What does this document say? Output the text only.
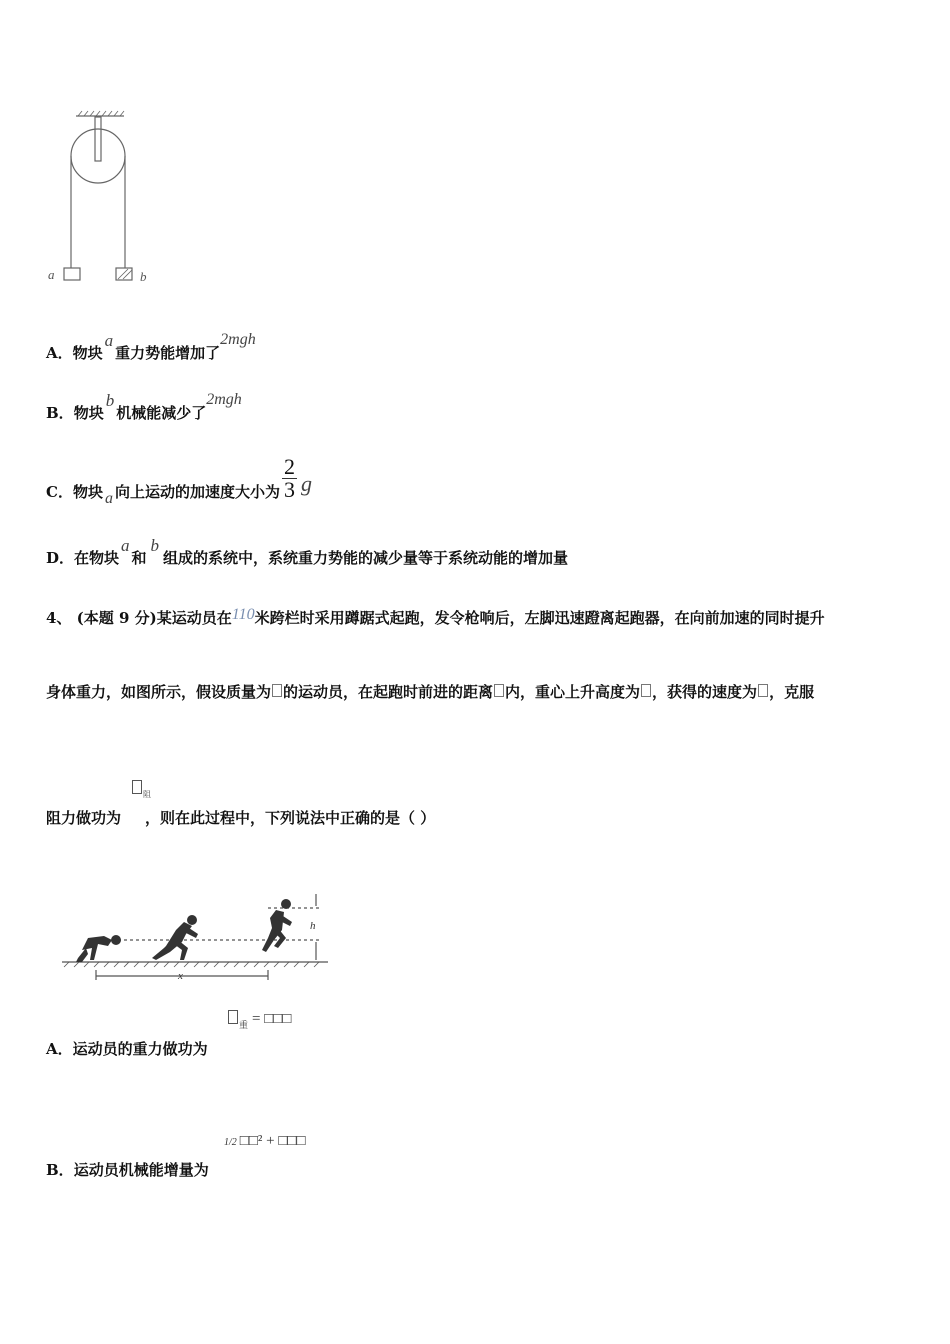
a	b
A．物块a重力势能增加了2mgh
B．物块b机械能减少了2mgh
C．物块 a 向上运动的加速度大小为 $\frac{2}{3}$ g
D．在物块a和b组成的系统中，系统重力势能的减少量等于系统动能的增加量
4、 (本题 9 分)某运动员在110米跨栏时采用蹲踞式起跑，发令枪响后，左脚迅速蹬离起跑器，在向前加速的同时提升
身体重力，如图所示，假设质量为 的运动员，在起跑时前进的距离 内，重心上升高度为 ，获得的速度为 ，克服
$_阻$
阻力做功为 ，则在此过程中，下列说法中正确的是（ ）
h
x
$_重$ = □□□
A．运动员的重力做功为
1/2 □□² + □□□
B．运动员机械能增量为
